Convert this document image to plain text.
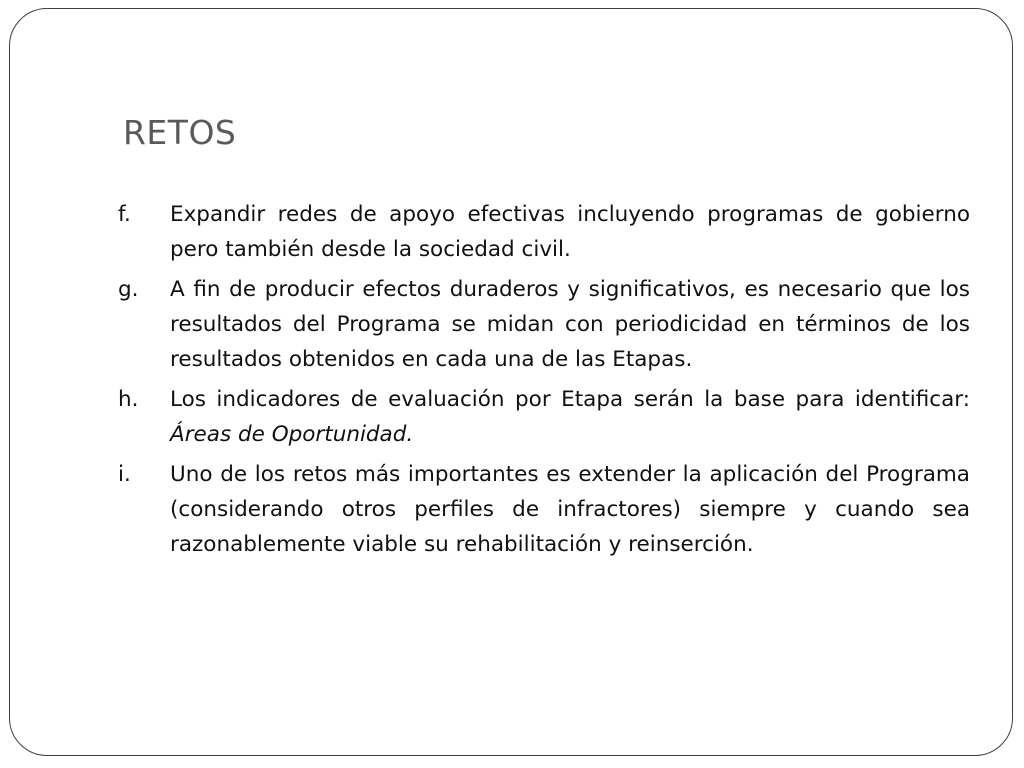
RETOS
f. Expandir redes de apoyo efectivas incluyendo programas de gobierno pero también desde la sociedad civil.
g. A fin de producir efectos duraderos y significativos, es necesario que los resultados del Programa se midan con periodicidad en términos de los resultados obtenidos en cada una de las Etapas.
h. Los indicadores de evaluación por Etapa serán la base para identificar: Áreas de Oportunidad.
i. Uno de los retos más importantes es extender la aplicación del Programa (considerando otros perfiles de infractores) siempre y cuando sea razonablemente viable su rehabilitación y reinserción.
